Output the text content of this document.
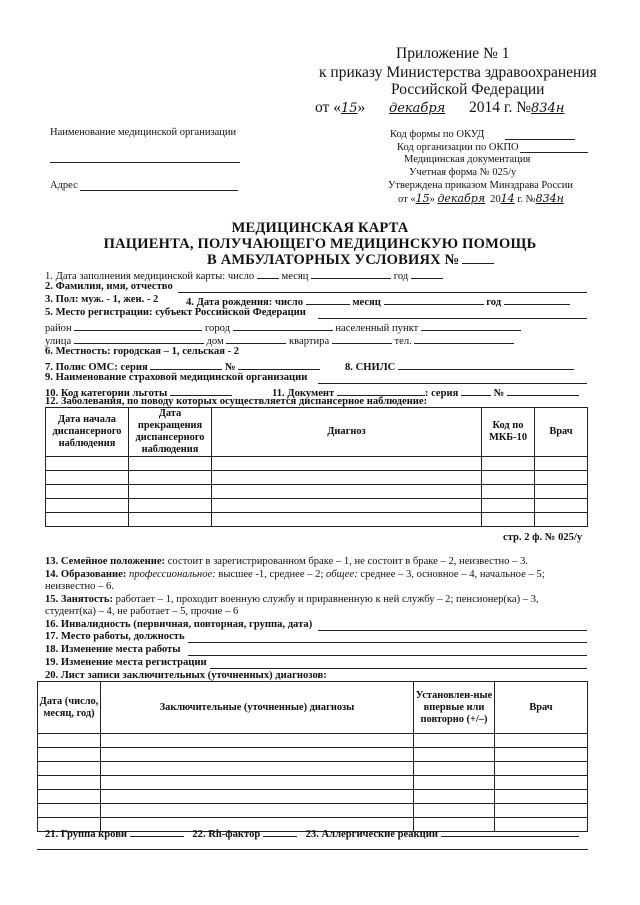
Приложение № 1
к приказу Министерства здравоохранения
Российской Федерации
от «15» декабря 2014 г. №834н
Наименование медицинской организации
Адрес
Код формы по ОКУД
Код организации по ОКПО
Медицинская документация
Учетная форма № 025/у
Утверждена приказом Минздрава России
от «15» декабря 2014 г. №834н
МЕДИЦИНСКАЯ КАРТА
ПАЦИЕНТА, ПОЛУЧАЮЩЕГО МЕДИЦИНСКУЮ ПОМОЩЬ
В АМБУЛАТОРНЫХ УСЛОВИЯХ №
1. Дата заполнения медицинской карты: число	месяц	год
2. Фамилия, имя, отчество
3. Пол: муж. - 1, жен. - 2	4. Дата рождения: число	месяц	год
5. Место регистрации: субъект Российской Федерации
район	город	населенный пункт
улица	дом	квартира	тел.
6. Местность: городская – 1, сельская - 2
7. Полис ОМС: серия	№	8. СНИЛС
9. Наименование страховой медицинской организации
10. Код категории льготы	11. Документ	: серия	№
12. Заболевания, по поводу которых осуществляется диспансерное наблюдение:
Дата начала диспансерного наблюдения	Дата прекращения диспансерного наблюдения	Диагноз	Код по МКБ-10	Врач

стр. 2 ф. № 025/у
13. Семейное положение: состоит в зарегистрированном браке – 1, не состоит в браке – 2, неизвестно – 3.
14. Образование: профессиональное: высшее -1, среднее – 2; общее: среднее – 3, основное – 4, начальное – 5;
неизвестно – 6.
15. Занятость: работает – 1, проходит военную службу и приравненную к ней службу – 2; пенсионер(ка) – 3,
студент(ка) – 4, не работает – 5, прочие – 6
16. Инвалидность (первичная, повторная, группа, дата)
17. Место работы, должность
18. Изменение места работы
19. Изменение места регистрации
20. Лист записи заключительных (уточненных) диагнозов:
Дата (число, месяц, год)	Заключительные (уточненные) диагнозы	Установлен-ные впервые или повторно (+/–)	Врач

21. Группа крови	22. Rh-фактор	23. Аллергические реакции
